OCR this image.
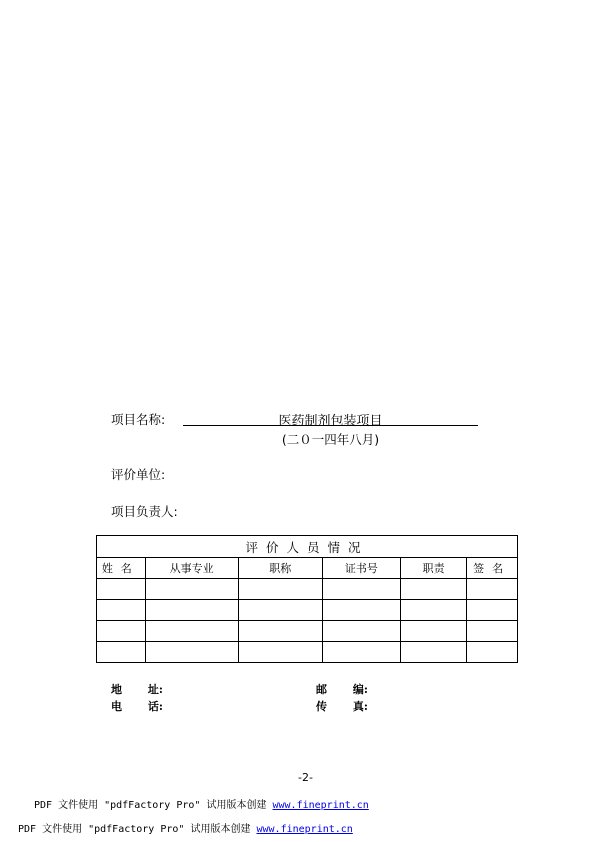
项目名称:	医药制剂包装项目
(二０一四年八月)
评价单位:
项目负责人:
评价人员情况					
姓名	从事专业	职称	证书号	职责	签名

地 址:	邮 编:
电 话:	传 真:
-2-
PDF 文件使用 "pdfFactory Pro" 试用版本创建 www.fineprint.cn
PDF 文件使用 "pdfFactory Pro" 试用版本创建 www.fineprint.cn
